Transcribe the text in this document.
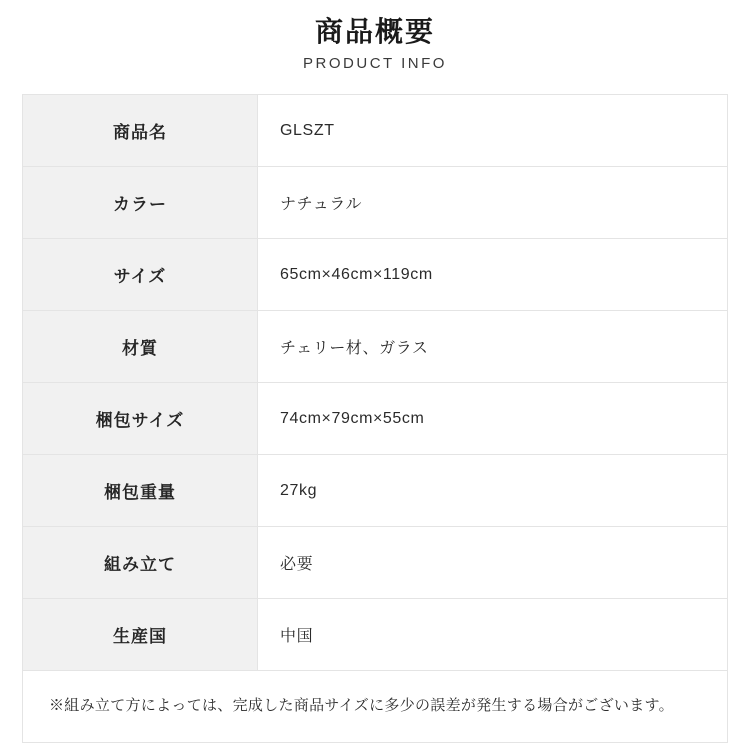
商品概要
PRODUCT INFO
商品名	GLSZT
カラー	ナチュラル
サイズ	65cm×46cm×119cm
材質	チェリー材、ガラス
梱包サイズ	74cm×79cm×55cm
梱包重量	27kg
組み立て	必要
生産国	中国
※組み立て方によっては、完成した商品サイズに多少の誤差が発生する場合がございます。	
